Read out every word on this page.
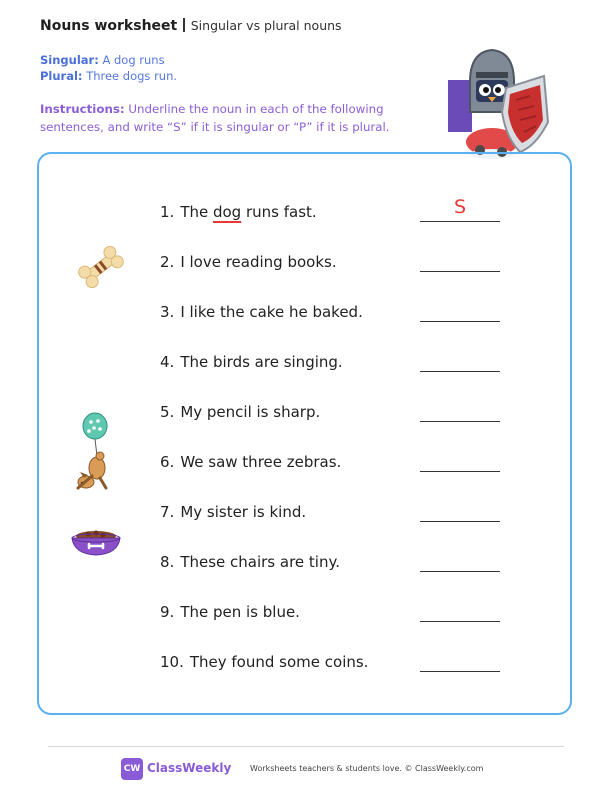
Nouns worksheet Singular vs plural nouns
Singular: A dog runs
Plural: Three dogs run.
Instructions: Underline the noun in each of the following sentences, and write “S” if it is singular or “P” if it is plural.
1. The dog runs fast.	S
2. I love reading books.
3. I like the cake he baked.
4. The birds are singing.
5. My pencil is sharp.
6. We saw three zebras.
7. My sister is kind.
8. These chairs are tiny.
9. The pen is blue.
10. They found some coins.
CW ClassWeekly Worksheets teachers & students love. © ClassWeekly.com
